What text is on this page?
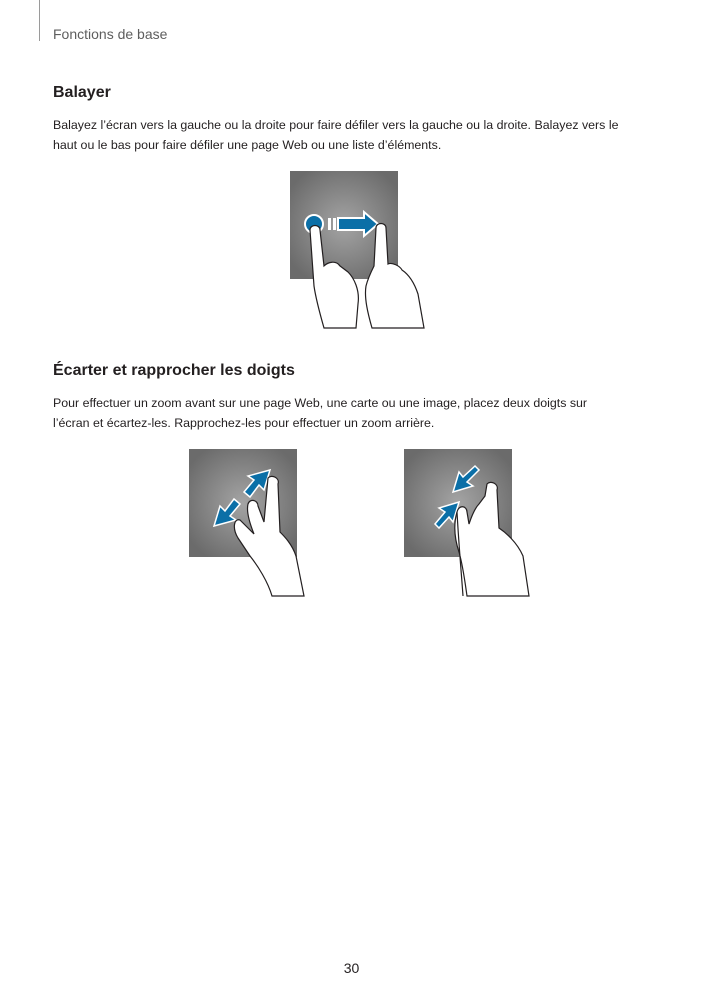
Fonctions de base
Balayer

Balayez l’écran vers la gauche ou la droite pour faire défiler vers la gauche ou la droite. Balayez vers le
haut ou le bas pour faire défiler une page Web ou une liste d’éléments.

Écarter et rapprocher les doigts

Pour effectuer un zoom avant sur une page Web, une carte ou une image, placez deux doigts sur
l’écran et écartez-les. Rapprochez-les pour effectuer un zoom arrière.

30
